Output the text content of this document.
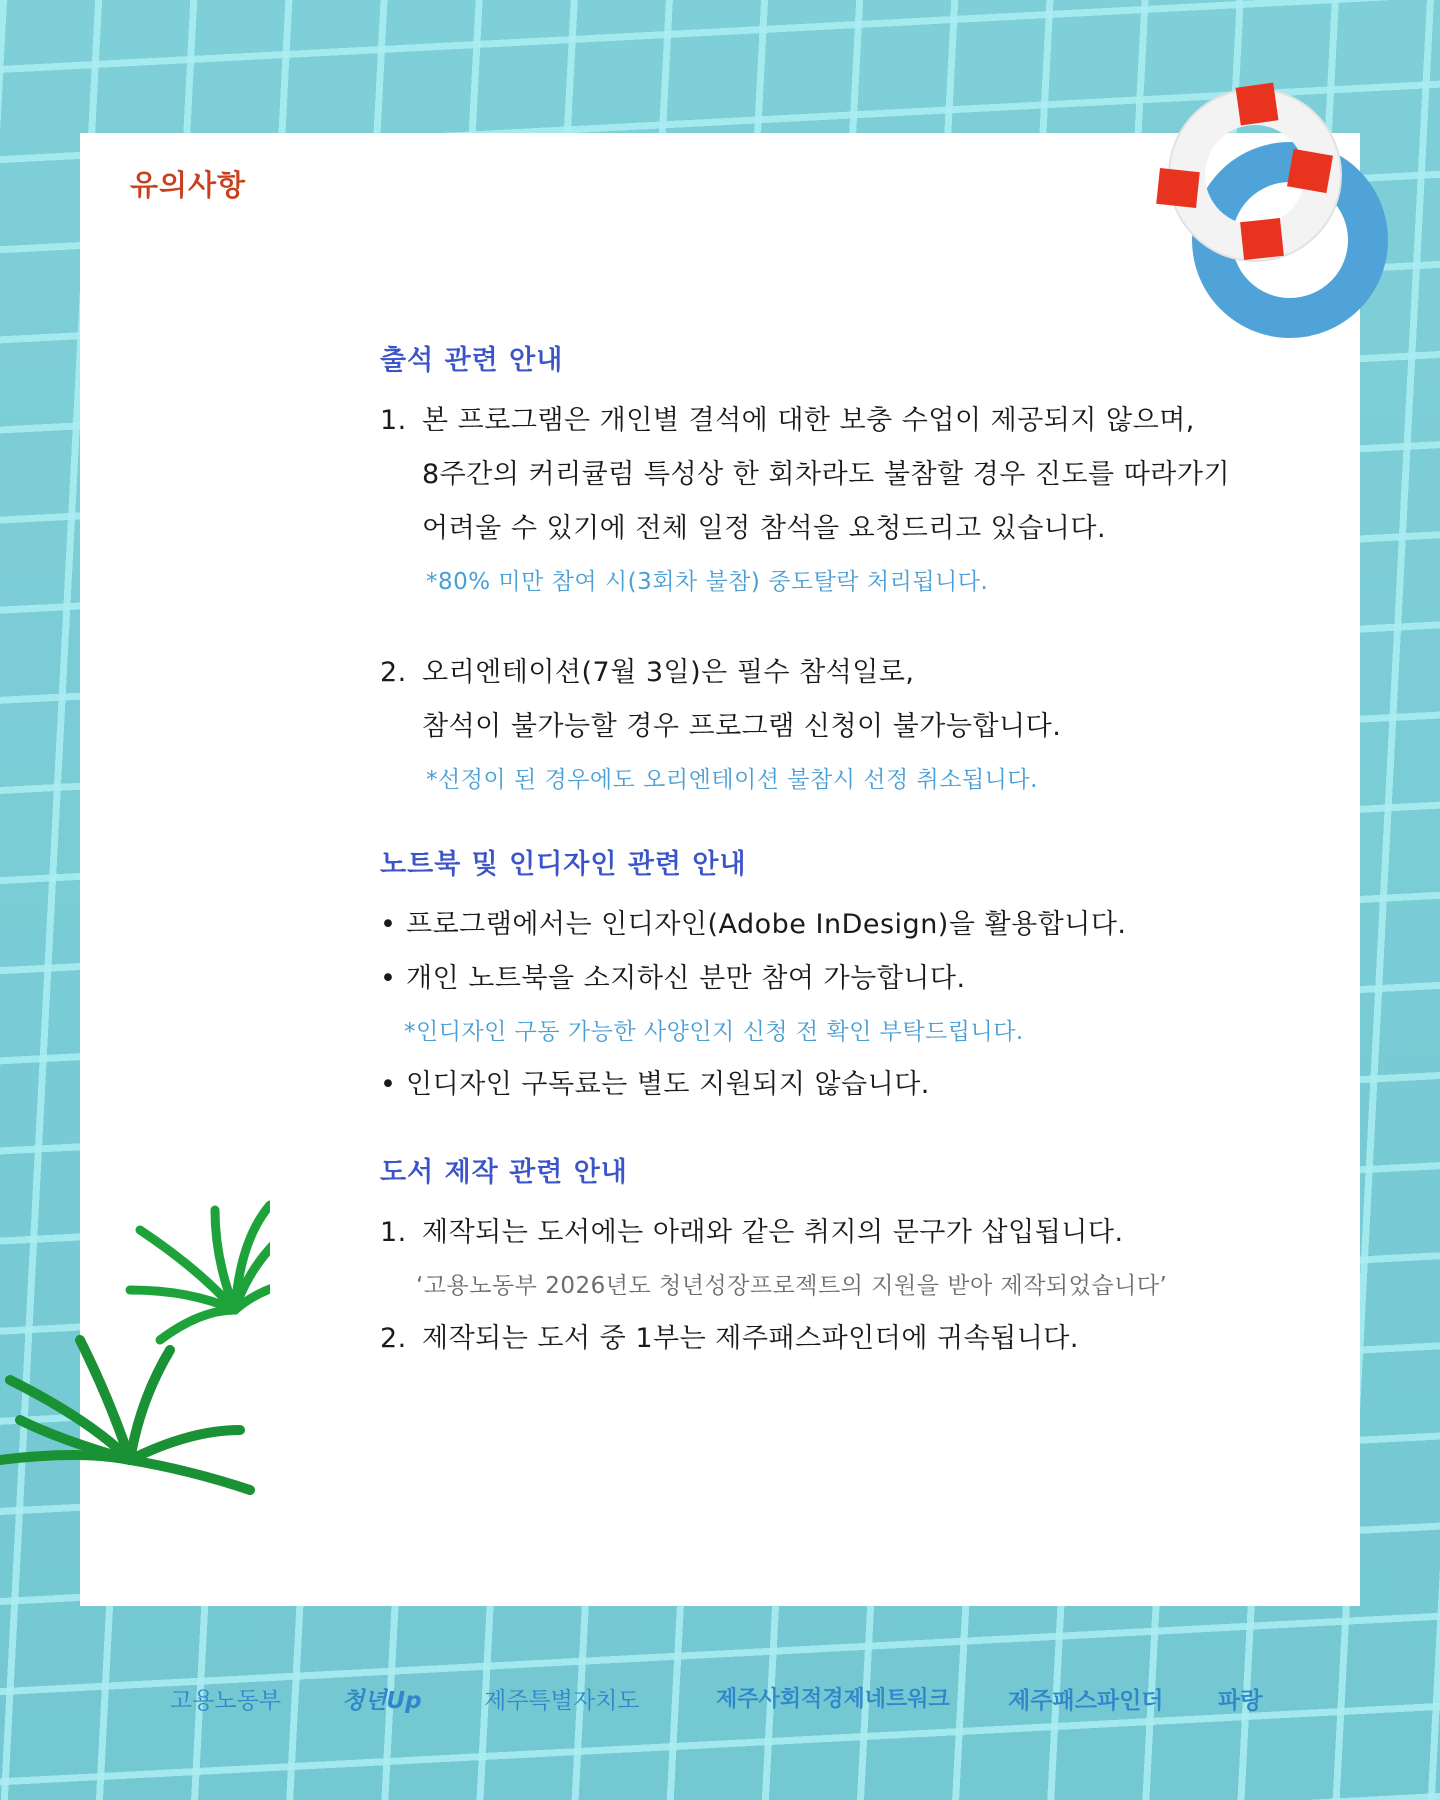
유의사항
출석 관련 안내
1. 본 프로그램은 개인별 결석에 대한 보충 수업이 제공되지 않으며,
8주간의 커리큘럼 특성상 한 회차라도 불참할 경우 진도를 따라가기
어려울 수 있기에 전체 일정 참석을 요청드리고 있습니다.
*80% 미만 참여 시(3회차 불참) 중도탈락 처리됩니다.
2. 오리엔테이션(7월 3일)은 필수 참석일로,
참석이 불가능할 경우 프로그램 신청이 불가능합니다.
*선정이 된 경우에도 오리엔테이션 불참시 선정 취소됩니다.
노트북 및 인디자인 관련 안내
• 프로그램에서는 인디자인(Adobe InDesign)을 활용합니다.
• 개인 노트북을 소지하신 분만 참여 가능합니다.
*인디자인 구동 가능한 사양인지 신청 전 확인 부탁드립니다.
• 인디자인 구독료는 별도 지원되지 않습니다.
도서 제작 관련 안내
1. 제작되는 도서에는 아래와 같은 취지의 문구가 삽입됩니다.
‘고용노동부 2026년도 청년성장프로젝트의 지원을 받아 제작되었습니다’
2. 제작되는 도서 중 1부는 제주패스파인더에 귀속됩니다.
고용노동부	청년Up	제주특별자치도	제주사회적경제네트워크	제주패스파인더 파랑
